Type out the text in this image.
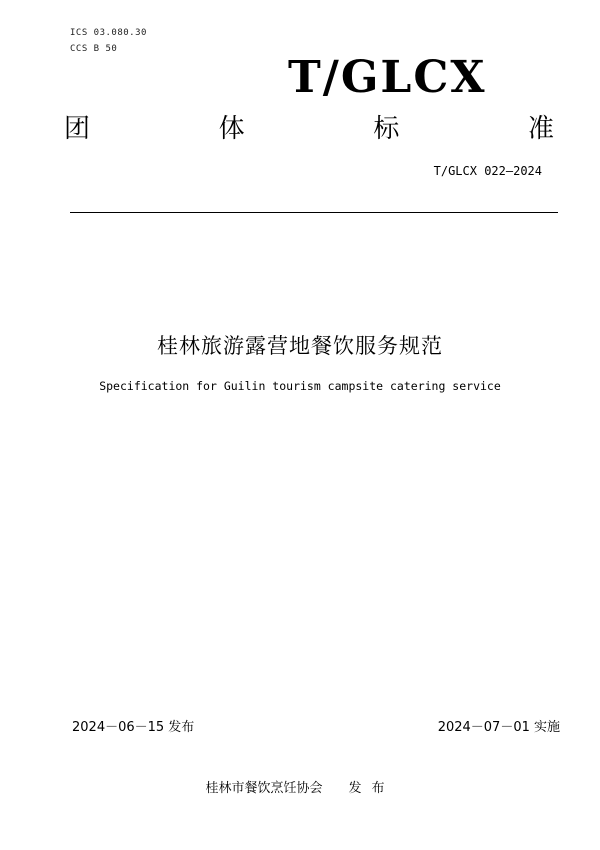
ICS 03.080.30
CCS B 50
T/GLCX
团	体	标	准
T/GLCX 022—2024
桂林旅游露营地餐饮服务规范
Specification for Guilin tourism campsite catering service
2024－06－15 发布	2024－07－01 实施
桂林市餐饮烹饪协会 发布
